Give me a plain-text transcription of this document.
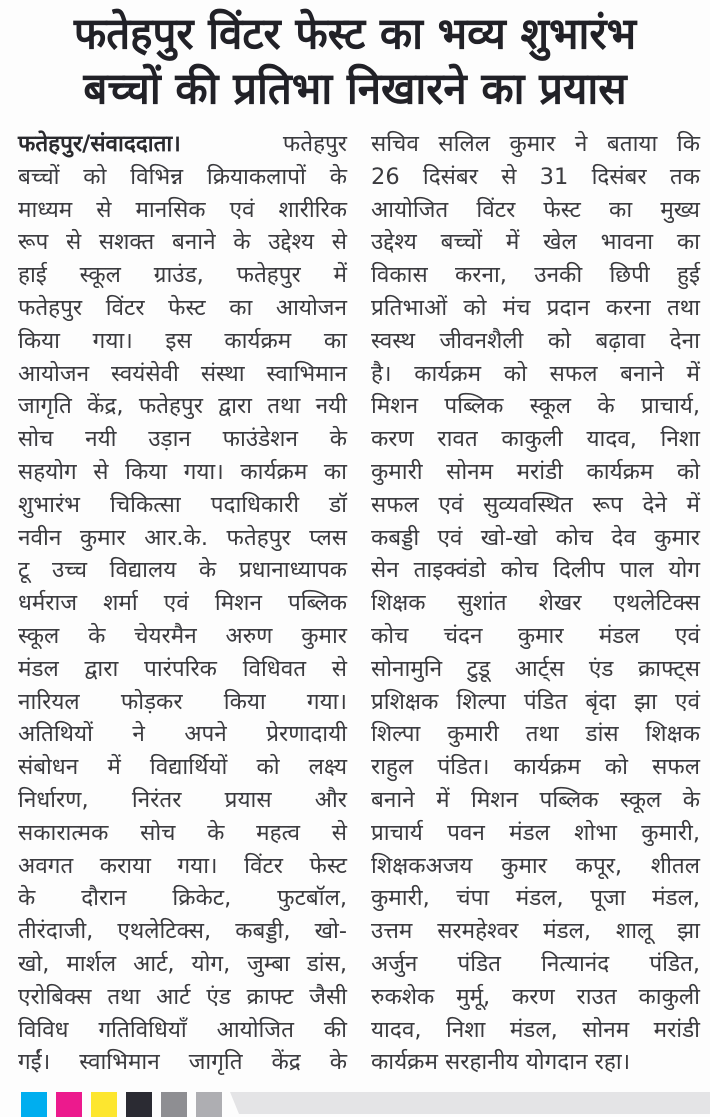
फतेहपुर विंटर फेस्ट का भव्य शुभारंभ
बच्चों की प्रतिभा निखारने का प्रयास
फतेहपुर/संवाददाता।	फतेहपुर
बच्चों को विभिन्न क्रियाकलापों के
माध्यम से मानसिक एवं शारीरिक
रूप से सशक्त बनाने के उद्देश्य से
हाई स्कूल ग्राउंड, फतेहपुर में
फतेहपुर विंटर फेस्ट का आयोजन
किया गया। इस कार्यक्रम का
आयोजन स्वयंसेवी संस्था स्वाभिमान
जागृति केंद्र, फतेहपुर द्वारा तथा नयी
सोच नयी उड़ान फाउंडेशन के
सहयोग से किया गया। कार्यक्रम का
शुभारंभ चिकित्सा पदाधिकारी डॉ
नवीन कुमार आर.के. फतेहपुर प्लस
टू उच्च विद्यालय के प्रधानाध्यापक
धर्मराज शर्मा एवं मिशन पब्लिक
स्कूल के चेयरमैन अरुण कुमार
मंडल द्वारा पारंपरिक विधिवत से
नारियल फोड़कर किया गया।
अतिथियों ने अपने प्रेरणादायी
संबोधन में विद्यार्थियों को लक्ष्य
निर्धारण, निरंतर प्रयास और
सकारात्मक सोच के महत्व से
अवगत कराया गया। विंटर फेस्ट
के दौरान क्रिकेट, फुटबॉल,
तीरंदाजी, एथलेटिक्स, कबड्डी, खो-
खो, मार्शल आर्ट, योग, जुम्बा डांस,
एरोबिक्स तथा आर्ट एंड क्राफ्ट जैसी
विविध गतिविधियाँ आयोजित की
गईं। स्वाभिमान जागृति केंद्र के
सचिव सलिल कुमार ने बताया कि
26 दिसंबर से 31 दिसंबर तक
आयोजित विंटर फेस्ट का मुख्य
उद्देश्य बच्चों में खेल भावना का
विकास करना, उनकी छिपी हुई
प्रतिभाओं को मंच प्रदान करना तथा
स्वस्थ जीवनशैली को बढ़ावा देना
है। कार्यक्रम को सफल बनाने में
मिशन पब्लिक स्कूल के प्राचार्य,
करण रावत काकुली यादव, निशा
कुमारी सोनम मरांडी कार्यक्रम को
सफल एवं सुव्यवस्थित रूप देने में
कबड्डी एवं खो-खो कोच देव कुमार
सेन ताइक्वंडो कोच दिलीप पाल योग
शिक्षक सुशांत शेखर एथलेटिक्स
कोच चंदन कुमार मंडल एवं
सोनामुनि टुडू आर्ट्स एंड क्राफ्ट्स
प्रशिक्षक शिल्पा पंडित बृंदा झा एवं
शिल्पा कुमारी तथा डांस शिक्षक
राहुल पंडित। कार्यक्रम को सफल
बनाने में मिशन पब्लिक स्कूल के
प्राचार्य पवन मंडल शोभा कुमारी,
शिक्षकअजय कुमार कपूर, शीतल
कुमारी, चंपा मंडल, पूजा मंडल,
उत्तम सरमहेश्वर मंडल, शालू झा
अर्जुन पंडित नित्यानंद पंडित,
रुकशेक मुर्मू, करण राउत काकुली
यादव, निशा मंडल, सोनम मरांडी
कार्यक्रम सरहानीय योगदान रहा।
